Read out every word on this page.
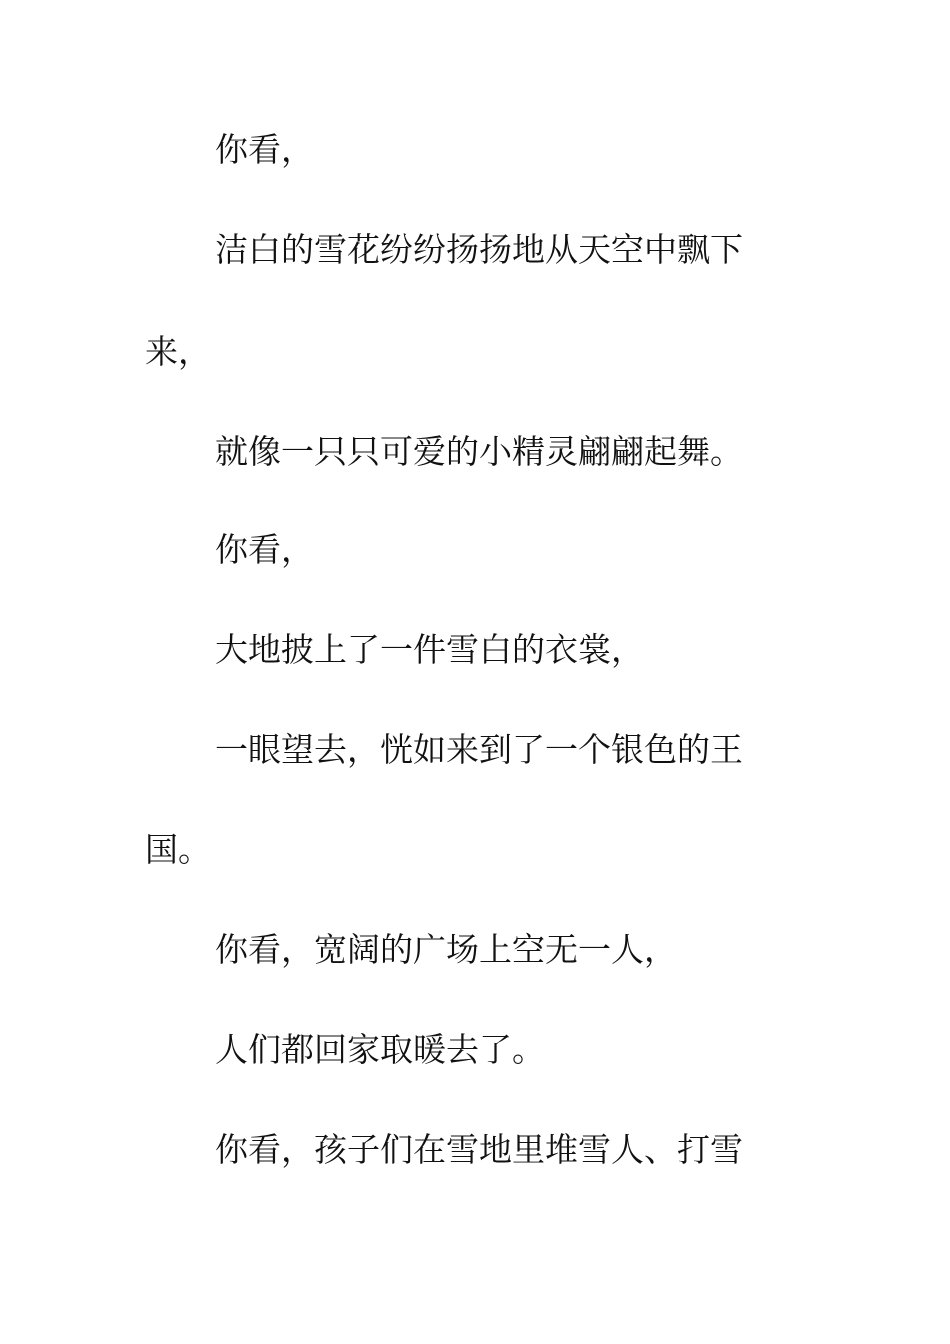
你看，
洁白的雪花纷纷扬扬地从天空中飘下
来，
就像一只只可爱的小精灵翩翩起舞。
你看，
大地披上了一件雪白的衣裳，
一眼望去，恍如来到了一个银色的王
国。
你看，宽阔的广场上空无一人，
人们都回家取暖去了。
你看，孩子们在雪地里堆雪人、打雪
